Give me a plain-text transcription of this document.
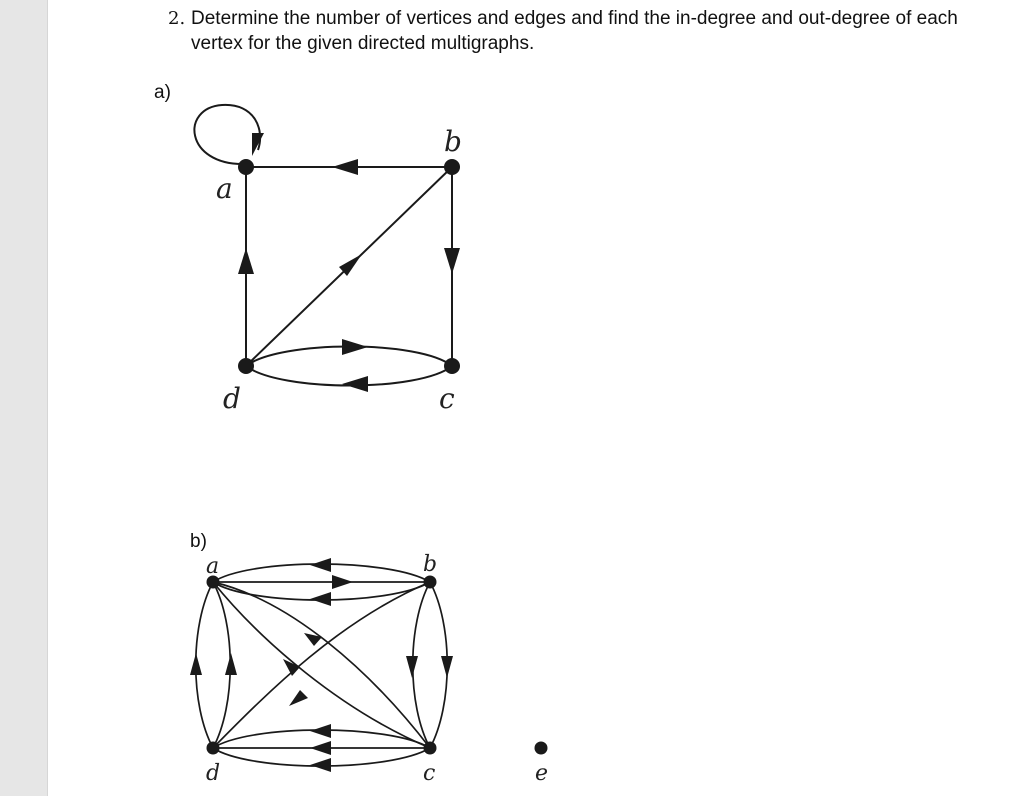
2. Determine the number of vertices and edges and find the in-degree and out-degree of each vertex for the given directed multigraphs.
a)
b)
a
b
c
d
a	b
c
d	e
